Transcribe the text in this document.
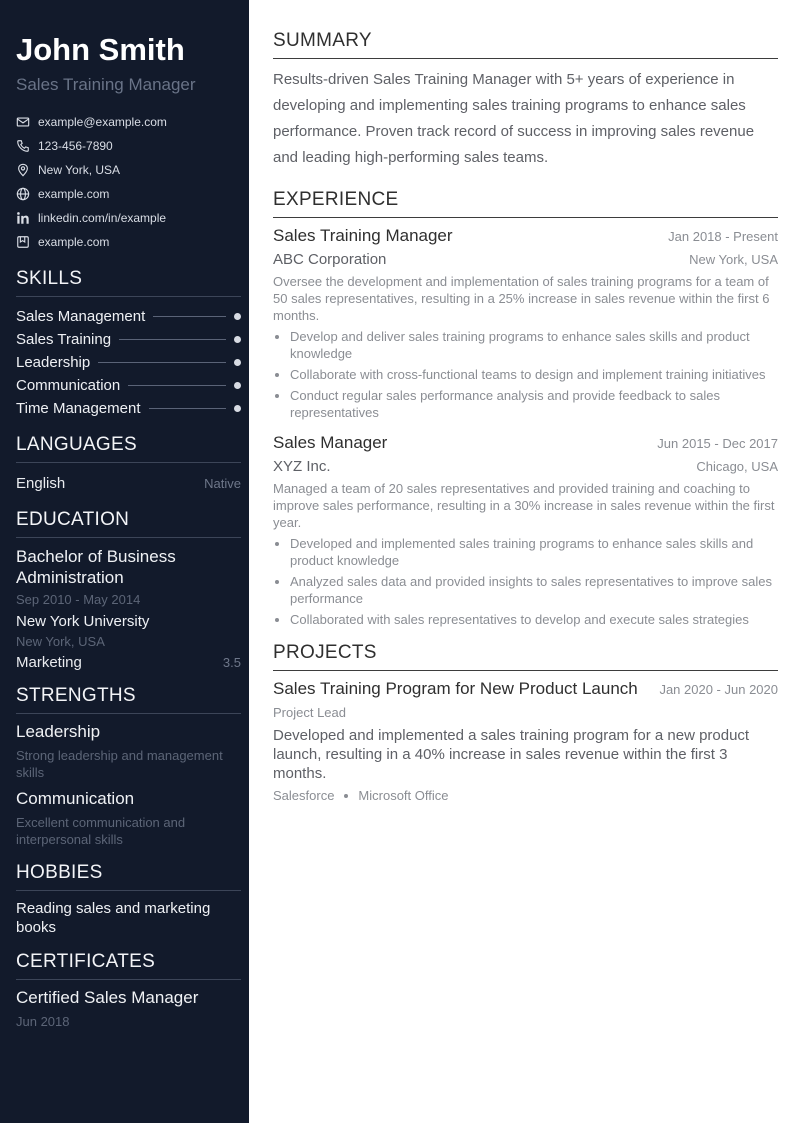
John Smith
Sales Training Manager
example@example.com
123-456-7890
New York, USA
example.com
linkedin.com/in/example
example.com
SKILLS
Sales Management
Sales Training
Leadership
Communication
Time Management
LANGUAGES
English	Native
EDUCATION
Bachelor of Business Administration
Sep 2010 - May 2014
New York University
New York, USA
Marketing	3.5
STRENGTHS
Leadership
Strong leadership and management skills
Communication
Excellent communication and interpersonal skills
HOBBIES
Reading sales and marketing books
CERTIFICATES
Certified Sales Manager
Jun 2018
SUMMARY

Results-driven Sales Training Manager with 5+ years of experience in developing and implementing sales training programs to enhance sales performance. Proven track record of success in improving sales revenue and leading high-performing sales teams.

EXPERIENCE
Sales Training Manager	Jan 2018 - Present
ABC Corporation	New York, USA
Oversee the development and implementation of sales training programs for a team of 50 sales representatives, resulting in a 25% increase in sales revenue within the first 6 months.
• Develop and deliver sales training programs to enhance sales skills and product knowledge
• Collaborate with cross-functional teams to design and implement training initiatives
• Conduct regular sales performance analysis and provide feedback to sales representatives
Sales Manager	Jun 2015 - Dec 2017
XYZ Inc.	Chicago, USA
Managed a team of 20 sales representatives and provided training and coaching to improve sales performance, resulting in a 30% increase in sales revenue within the first year.
• Developed and implemented sales training programs to enhance sales skills and product knowledge
• Analyzed sales data and provided insights to sales representatives to improve sales performance
• Collaborated with sales representatives to develop and execute sales strategies
PROJECTS
Sales Training Program for New Product Launch Jan 2020 - Jun 2020
Project Lead
Developed and implemented a sales training program for a new product launch, resulting in a 40% increase in sales revenue within the first 3 months.
Salesforce Microsoft Office
